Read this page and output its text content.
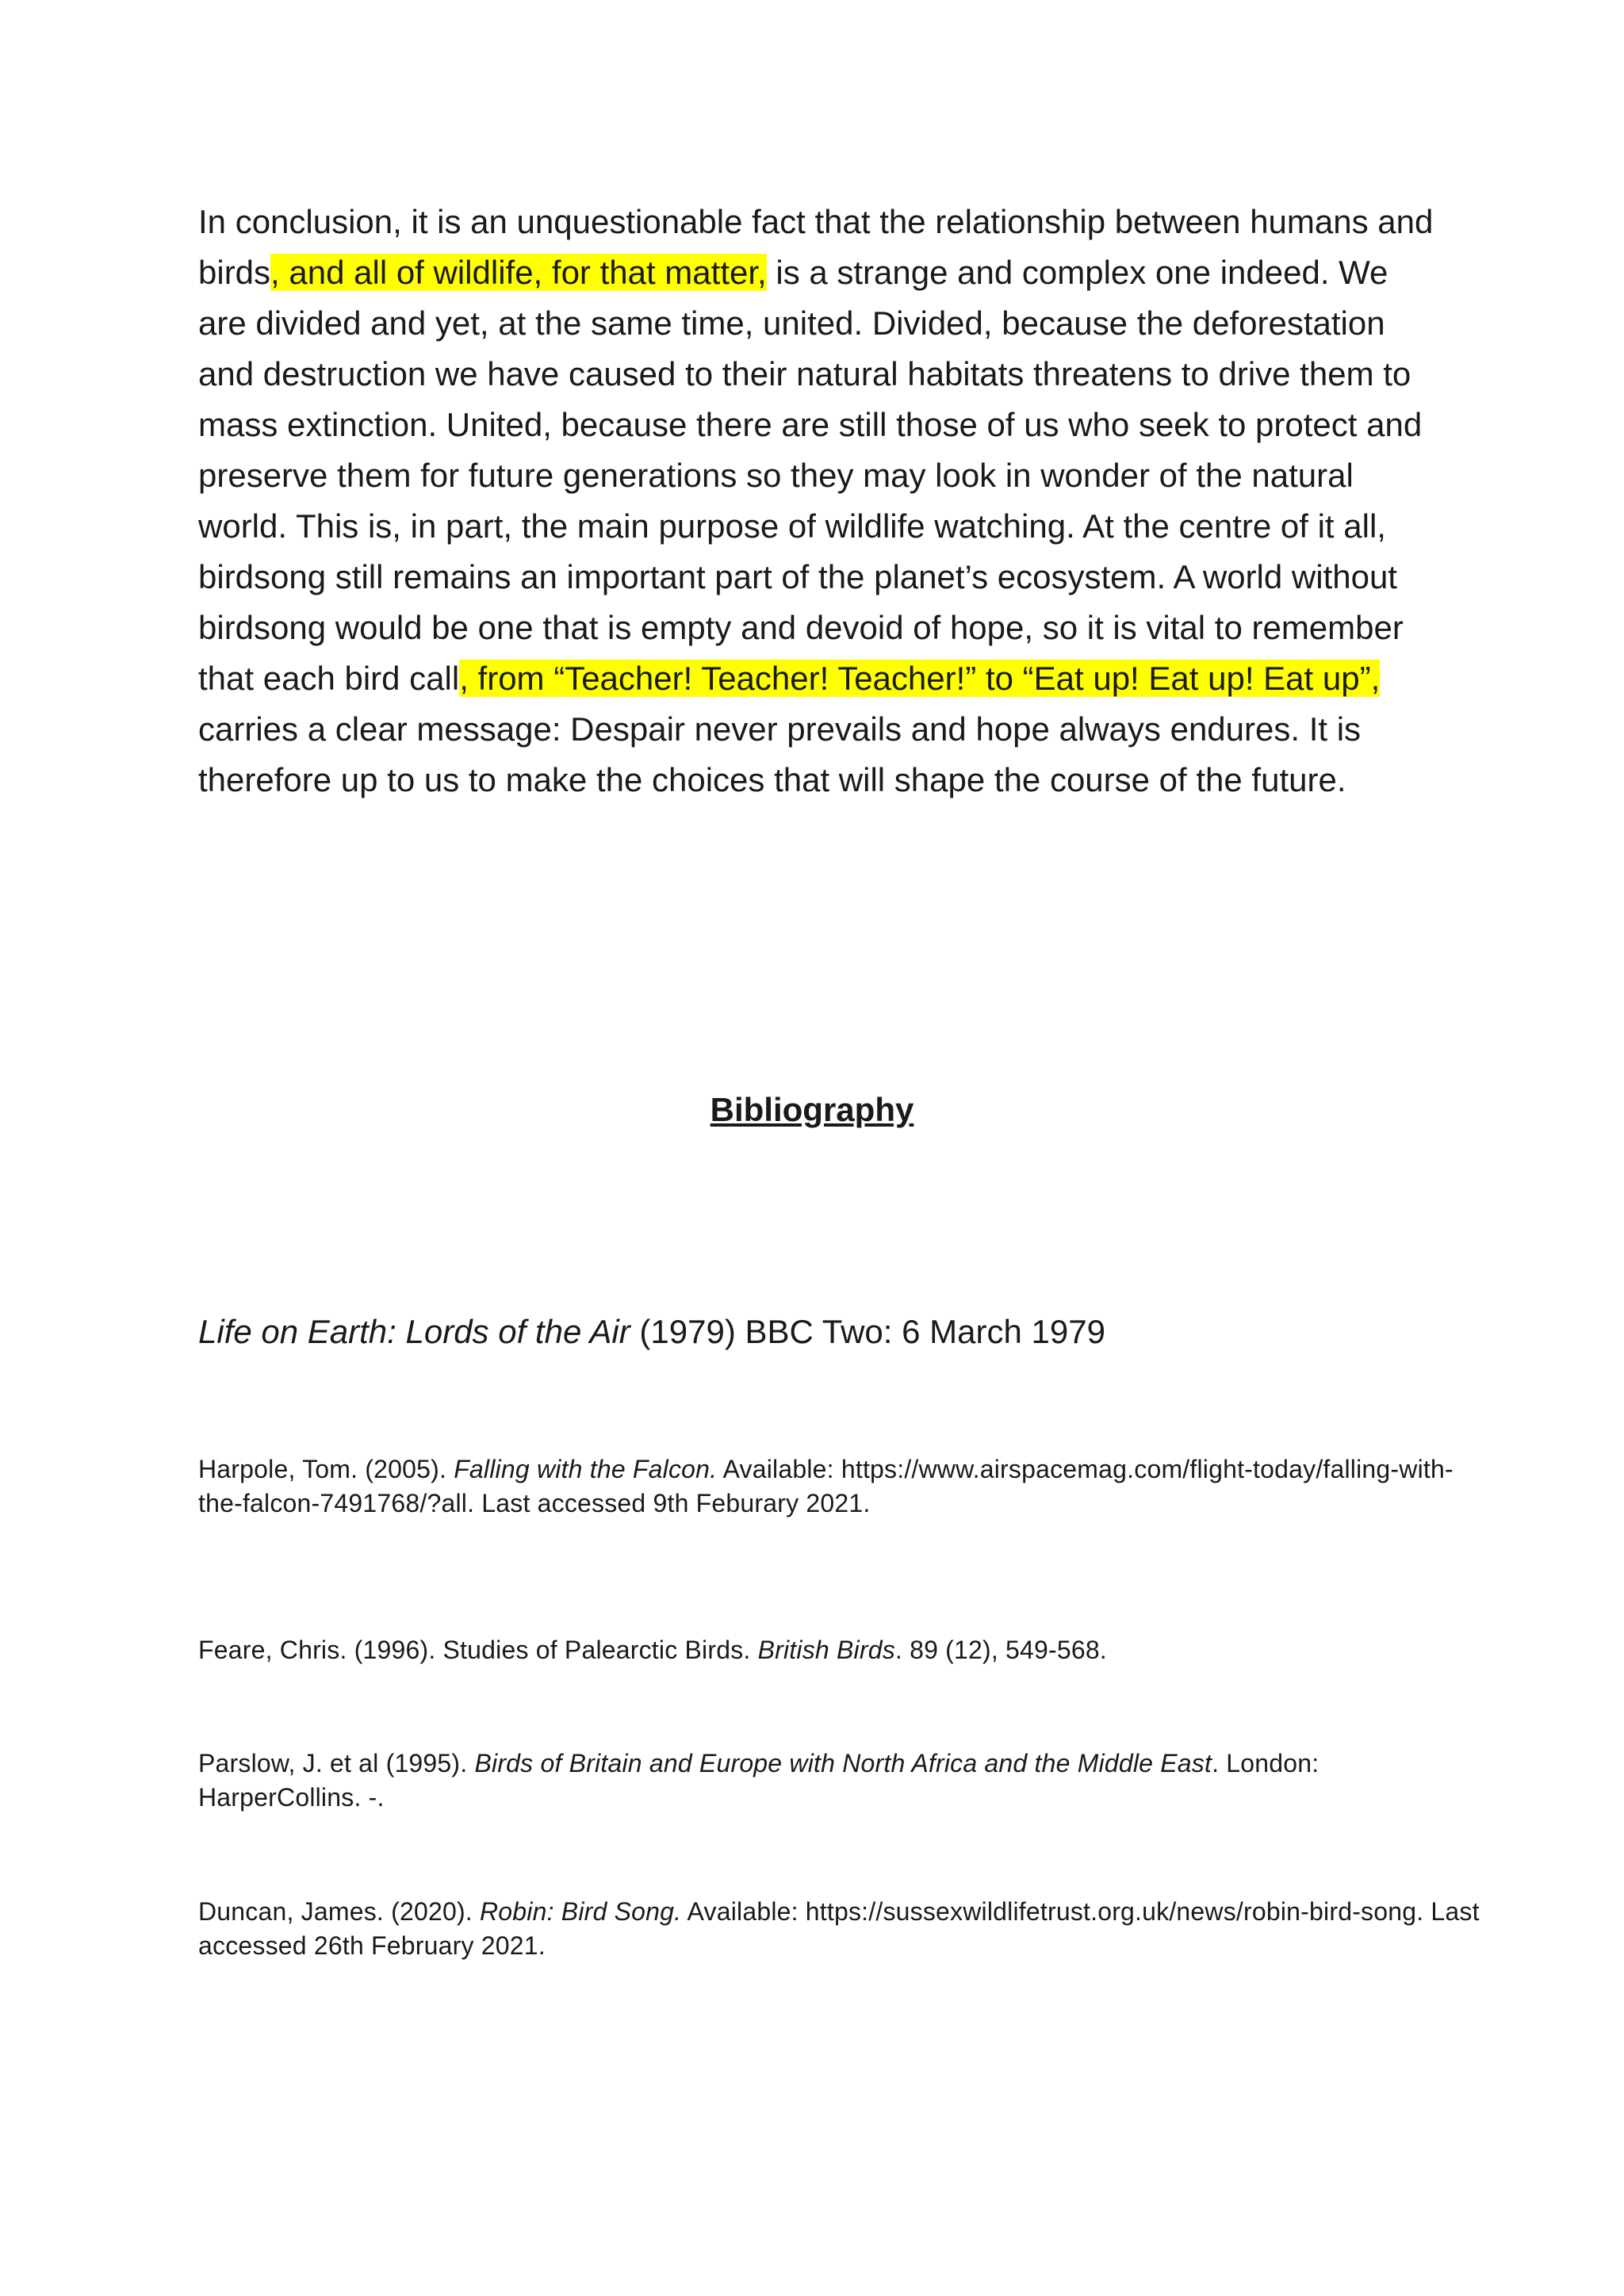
In conclusion, it is an unquestionable fact that the relationship between humans and birds, and all of wildlife, for that matter, is a strange and complex one indeed. We are divided and yet, at the same time, united. Divided, because the deforestation and destruction we have caused to their natural habitats threatens to drive them to mass extinction. United, because there are still those of us who seek to protect and preserve them for future generations so they may look in wonder of the natural world. This is, in part, the main purpose of wildlife watching. At the centre of it all, birdsong still remains an important part of the planet’s ecosystem. A world without birdsong would be one that is empty and devoid of hope, so it is vital to remember that each bird call, from “Teacher! Teacher! Teacher!” to “Eat up! Eat up! Eat up”, carries a clear message: Despair never prevails and hope always endures. It is therefore up to us to make the choices that will shape the course of the future.

Bibliography

Life on Earth: Lords of the Air (1979) BBC Two: 6 March 1979

Harpole, Tom. (2005). Falling with the Falcon. Available: https://www.airspacemag.com/flight-today/falling-with-the-falcon-7491768/?all. Last accessed 9th Feburary 2021.

Feare, Chris. (1996). Studies of Palearctic Birds. British Birds. 89 (12), 549-568.

Parslow, J. et al (1995). Birds of Britain and Europe with North Africa and the Middle East. London: HarperCollins. -.

Duncan, James. (2020). Robin: Bird Song. Available: https://sussexwildlifetrust.org.uk/news/robin-bird-song. Last accessed 26th February 2021.
